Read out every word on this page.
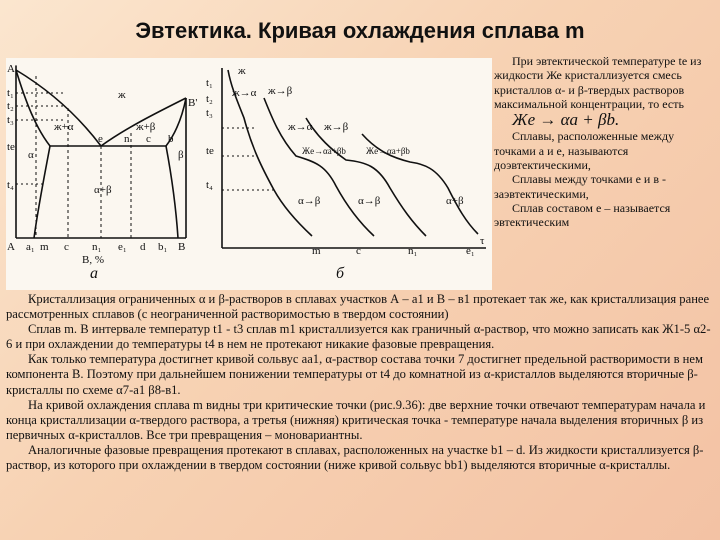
Эвтектика. Кривая охлаждения сплава m
A'
t₁
t₂
t₃
tе
t₄
A a₁ m c n₁ e₁ d b₁ B
B, %
ж
ж+α	ж+β
α	β
α+β
e n c b
B'
а
t₁
t₂
t₃
tе
t₄
ж
ж→α ж→β
ж→α ж→β
α→β	α→β	α+β
Жe→αa+βb Жe→αa+βb
m	c	n₁	e₁
τ
б

При эвтектической температуре tе из жидкости Же кристаллизуется смесь кристаллов α- и β-твердых растворов максимальной концентрации, то есть

Жe → αa + βb.

Сплавы, расположенные между точками а и е, называются доэвтектическими,

Сплавы между точками е и в - заэвтектическими,

Сплав составом е – называется эвтектическим

Кристаллизация ограниченных α и β-растворов в сплавах участков А – а1 и В – в1 протекает так же, как кристаллизация ранее рассмотренных сплавов (с неограниченной растворимостью в твердом состоянии)

Сплав m. В интервале температур t1 - t3 сплав m1 кристаллизуется как граничный α-раствор, что можно записать как Ж1-5 α2-6 и при охлаждении до температуры t4 в нем не протекают никакие фазовые превращения.

Как только температура достигнет кривой сольвус аа1, α-раствор состава точки 7 достигнет предельной растворимости в нем компонента В. Поэтому при дальнейшем понижении температуры от t4 до комнатной из α-кристаллов выделяются вторичные β-кристаллы по схеме α7-a1 β8-в1.

На кривой охлаждения сплава m видны три критические точки (рис.9.36): две верхние точки отвечают температурам начала и конца кристаллизации α-твердого раствора, а третья (нижняя) критическая точка - температуре начала выделения вторичных β из первичных α-кристаллов. Все три превращения – моновариантны.

Аналогичные фазовые превращения протекают в сплавах, расположенных на участке b1 – d. Из жидкости кристаллизуется β-раствор, из которого при охлаждении в твердом состоянии (ниже кривой сольвус bb1) выделяются вторичные α-кристаллы.
